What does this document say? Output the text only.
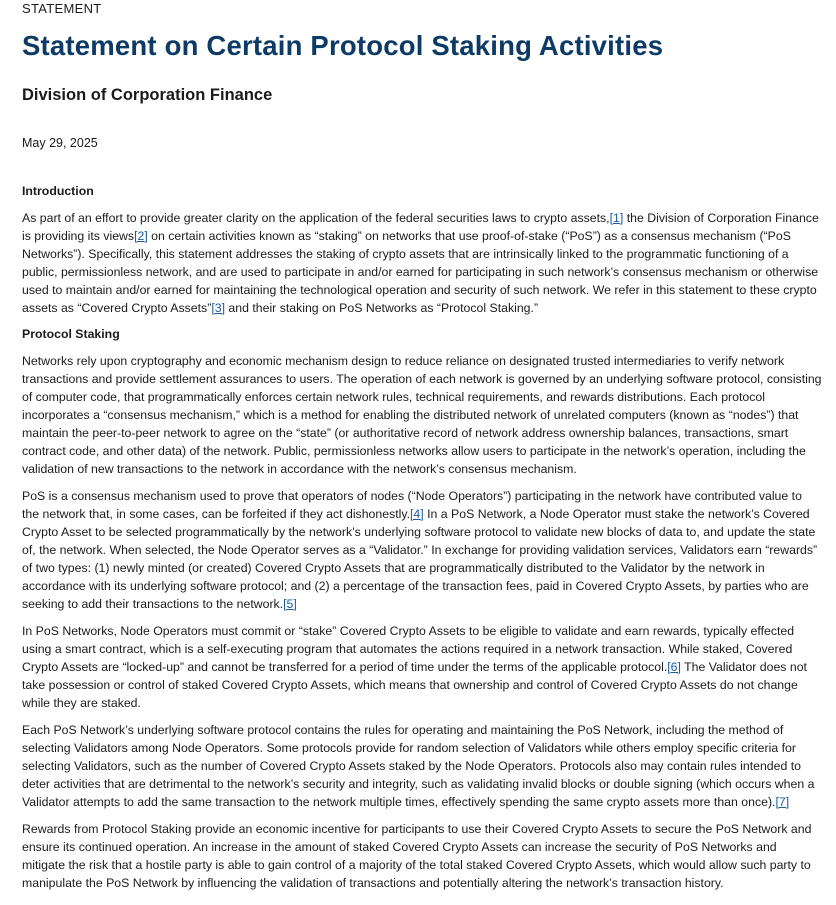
STATEMENT
Statement on Certain Protocol Staking Activities
Division of Corporation Finance
May 29, 2025
Introduction

As part of an effort to provide greater clarity on the application of the federal securities laws to crypto assets,[1] the Division of Corporation Finance is providing its views[2] on certain activities known as “staking” on networks that use proof-of-stake (“PoS”) as a consensus mechanism (“PoS Networks”). Specifically, this statement addresses the staking of crypto assets that are intrinsically linked to the programmatic functioning of a public, permissionless network, and are used to participate in and/or earned for participating in such network’s consensus mechanism or otherwise used to maintain and/or earned for maintaining the technological operation and security of such network. We refer in this statement to these crypto assets as “Covered Crypto Assets”[3] and their staking on PoS Networks as “Protocol Staking.”

Protocol Staking

Networks rely upon cryptography and economic mechanism design to reduce reliance on designated trusted intermediaries to verify network transactions and provide settlement assurances to users. The operation of each network is governed by an underlying software protocol, consisting of computer code, that programmatically enforces certain network rules, technical requirements, and rewards distributions. Each protocol incorporates a “consensus mechanism,” which is a method for enabling the distributed network of unrelated computers (known as “nodes”) that maintain the peer-to-peer network to agree on the “state” (or authoritative record of network address ownership balances, transactions, smart contract code, and other data) of the network. Public, permissionless networks allow users to participate in the network’s operation, including the validation of new transactions to the network in accordance with the network’s consensus mechanism.

PoS is a consensus mechanism used to prove that operators of nodes (“Node Operators”) participating in the network have contributed value to the network that, in some cases, can be forfeited if they act dishonestly.[4] In a PoS Network, a Node Operator must stake the network’s Covered Crypto Asset to be selected programmatically by the network’s underlying software protocol to validate new blocks of data to, and update the state of, the network. When selected, the Node Operator serves as a “Validator.” In exchange for providing validation services, Validators earn “rewards” of two types: (1) newly minted (or created) Covered Crypto Assets that are programmatically distributed to the Validator by the network in accordance with its underlying software protocol; and (2) a percentage of the transaction fees, paid in Covered Crypto Assets, by parties who are seeking to add their transactions to the network.[5]

In PoS Networks, Node Operators must commit or “stake” Covered Crypto Assets to be eligible to validate and earn rewards, typically effected using a smart contract, which is a self-executing program that automates the actions required in a network transaction. While staked, Covered Crypto Assets are “locked-up” and cannot be transferred for a period of time under the terms of the applicable protocol.[6] The Validator does not take possession or control of staked Covered Crypto Assets, which means that ownership and control of Covered Crypto Assets do not change while they are staked.

Each PoS Network’s underlying software protocol contains the rules for operating and maintaining the PoS Network, including the method of selecting Validators among Node Operators. Some protocols provide for random selection of Validators while others employ specific criteria for selecting Validators, such as the number of Covered Crypto Assets staked by the Node Operators. Protocols also may contain rules intended to deter activities that are detrimental to the network’s security and integrity, such as validating invalid blocks or double signing (which occurs when a Validator attempts to add the same transaction to the network multiple times, effectively spending the same crypto assets more than once).[7]

Rewards from Protocol Staking provide an economic incentive for participants to use their Covered Crypto Assets to secure the PoS Network and ensure its continued operation. An increase in the amount of staked Covered Crypto Assets can increase the security of PoS Networks and mitigate the risk that a hostile party is able to gain control of a majority of the total staked Covered Crypto Assets, which would allow such party to manipulate the PoS Network by influencing the validation of transactions and potentially altering the network’s transaction history.
